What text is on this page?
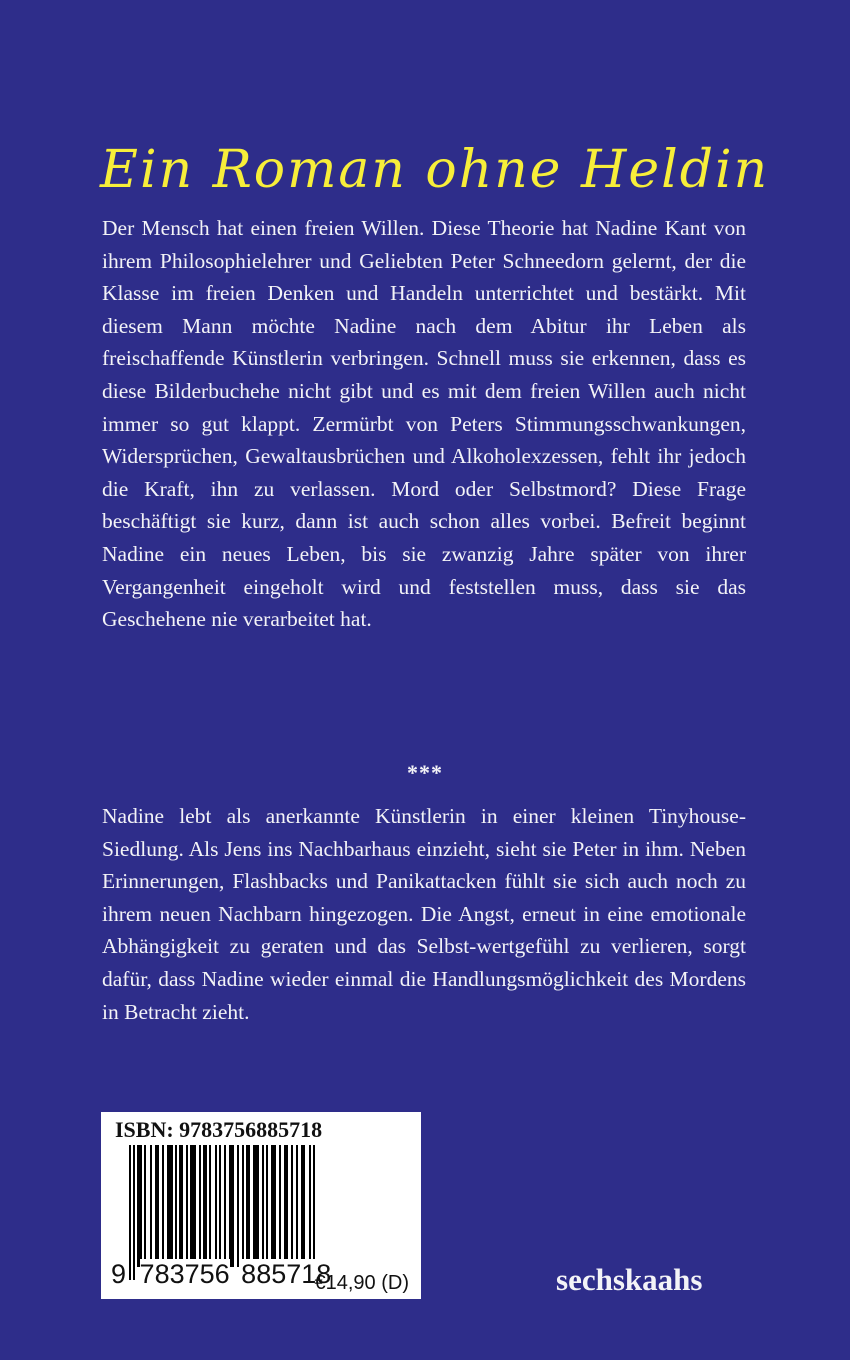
Ein Roman ohne Heldin

Der Mensch hat einen freien Willen. Diese Theorie hat Nadine Kant von ihrem Philosophielehrer und Geliebten Peter Schneedorn gelernt, der die Klasse im freien Denken und Handeln unterrichtet und bestärkt. Mit diesem Mann möchte Nadine nach dem Abitur ihr Leben als freischaffende Künstlerin verbringen. Schnell muss sie erkennen, dass es diese Bilderbuchehe nicht gibt und es mit dem freien Willen auch nicht immer so gut klappt. Zermürbt von Peters Stimmungsschwankungen, Widersprüchen, Gewaltausbrüchen und Alkoholexzessen, fehlt ihr jedoch die Kraft, ihn zu verlassen. Mord oder Selbstmord? Diese Frage beschäftigt sie kurz, dann ist auch schon alles vorbei. Befreit beginnt Nadine ein neues Leben, bis sie zwanzig Jahre später von ihrer Vergangenheit eingeholt wird und feststellen muss, dass sie das Geschehene nie verarbeitet hat.

***

Nadine lebt als anerkannte Künstlerin in einer kleinen Tinyhouse-Siedlung. Als Jens ins Nachbarhaus einzieht, sieht sie Peter in ihm. Neben Erinnerungen, Flashbacks und Panikattacken fühlt sie sich auch noch zu ihrem neuen Nachbarn hingezogen. Die Angst, erneut in eine emotionale Abhängigkeit zu geraten und das Selbst-wertgefühl zu verlieren, sorgt dafür, dass Nadine wieder einmal die Handlungsmöglichkeit des Mordens in Betracht zieht.

ISBN: 9783756885718
9 783756 885718
€14,90 (D)	sechskaahs
